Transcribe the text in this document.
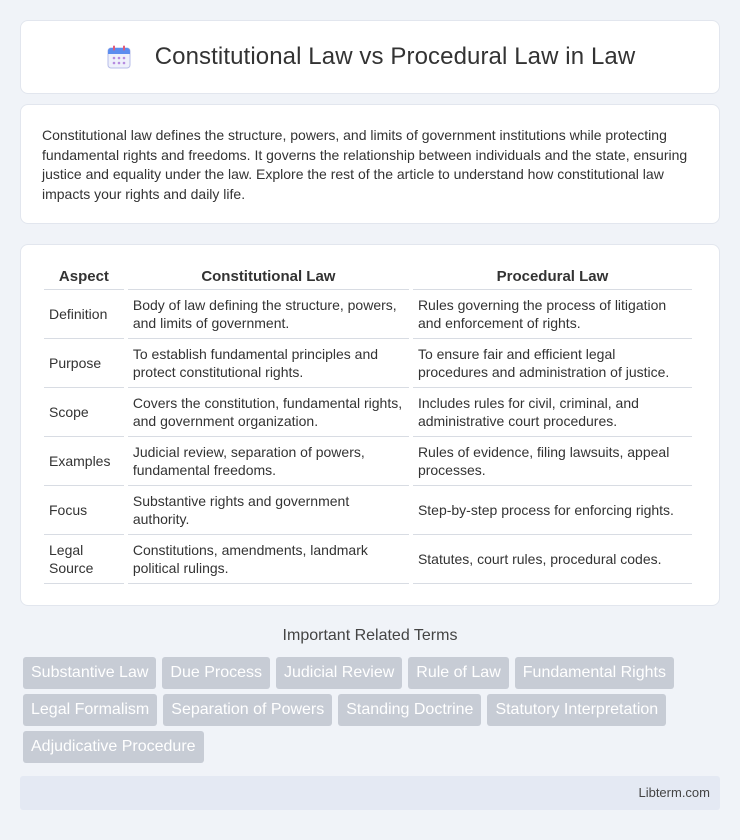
Constitutional Law vs Procedural Law in Law

Constitutional law defines the structure, powers, and limits of government institutions while protecting fundamental rights and freedoms. It governs the relationship between individuals and the state, ensuring justice and equality under the law. Explore the rest of the article to understand how constitutional law impacts your rights and daily life.

Aspect	Constitutional Law	Procedural Law
Definition	Body of law defining the structure, powers, and limits of government.	Rules governing the process of litigation and enforcement of rights.
Purpose	To establish fundamental principles and protect constitutional rights.	To ensure fair and efficient legal procedures and administration of justice.
Scope	Covers the constitution, fundamental rights, and government organization.	Includes rules for civil, criminal, and administrative court procedures.
Examples	Judicial review, separation of powers, fundamental freedoms.	Rules of evidence, filing lawsuits, appeal processes.
Focus	Substantive rights and government authority.	Step-by-step process for enforcing rights.
Legal Source	Constitutions, amendments, landmark political rulings.	Statutes, court rules, procedural codes.
Important Related Terms
Substantive Law	Due Process	Judicial Review	Rule of Law	Fundamental Rights
Legal Formalism	Separation of Powers	Standing Doctrine	Statutory Interpretation
Adjudicative Procedure
Libterm.com
